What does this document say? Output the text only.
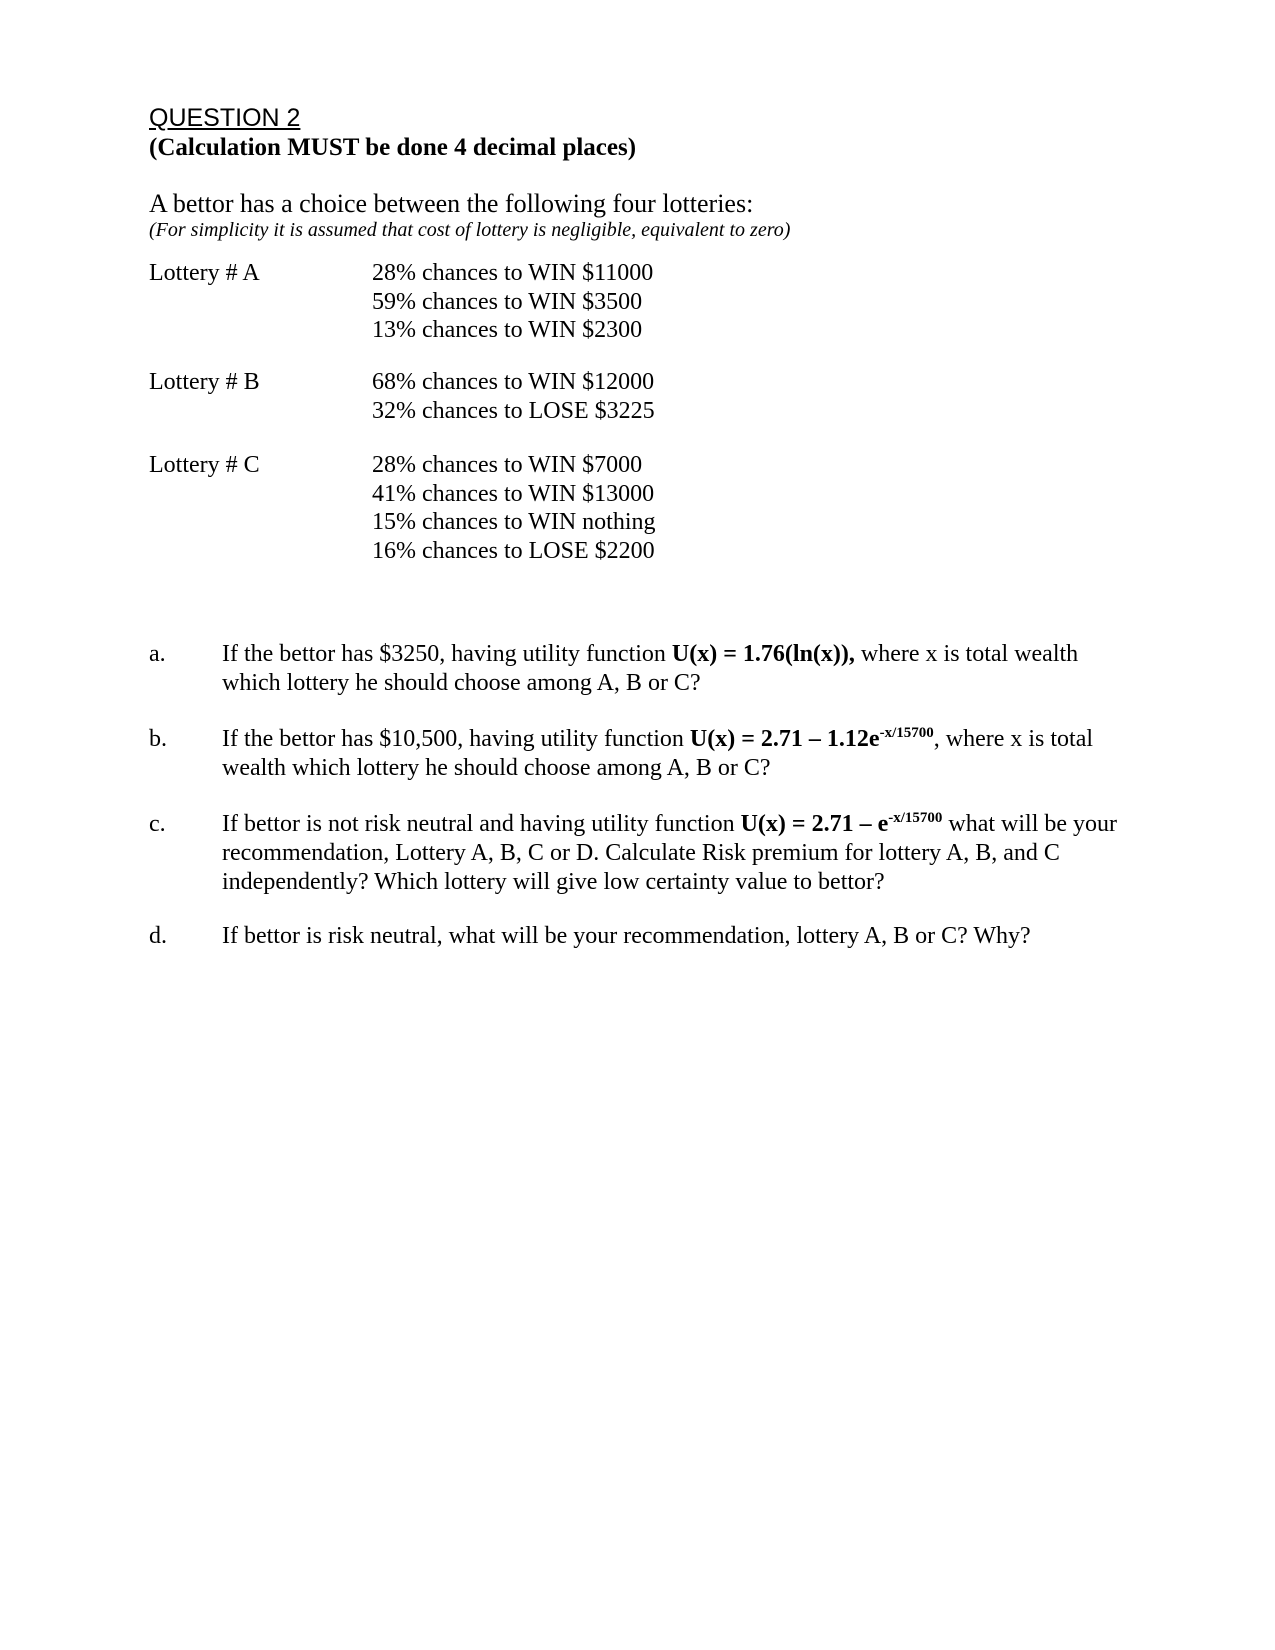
QUESTION 2
(Calculation MUST be done 4 decimal places)
A bettor has a choice between the following four lotteries:
(For simplicity it is assumed that cost of lottery is negligible, equivalent to zero)
Lottery # A	28% chances to WIN $11000
59% chances to WIN $3500
13% chances to WIN $2300
Lottery # B	68% chances to WIN $12000
32% chances to LOSE $3225
Lottery # C	28% chances to WIN $7000
41% chances to WIN $13000
15% chances to WIN nothing
16% chances to LOSE $2200
a. If the bettor has $3250, having utility function U(x) = 1.76(ln(x)), where x is total wealth
which lottery he should choose among A, B or C?
b. If the bettor has $10,500, having utility function $U(x) = 2.71 - 1.12e^{-x/15700}$, where x is total
wealth which lottery he should choose among A, B or C?
c. If bettor is not risk neutral and having utility function $U(x) = 2.71 - e^{-x/15700}$ what will be your
recommendation, Lottery A, B, C or D. Calculate Risk premium for lottery A, B, and C
independently? Which lottery will give low certainty value to bettor?
d. If bettor is risk neutral, what will be your recommendation, lottery A, B or C? Why?
